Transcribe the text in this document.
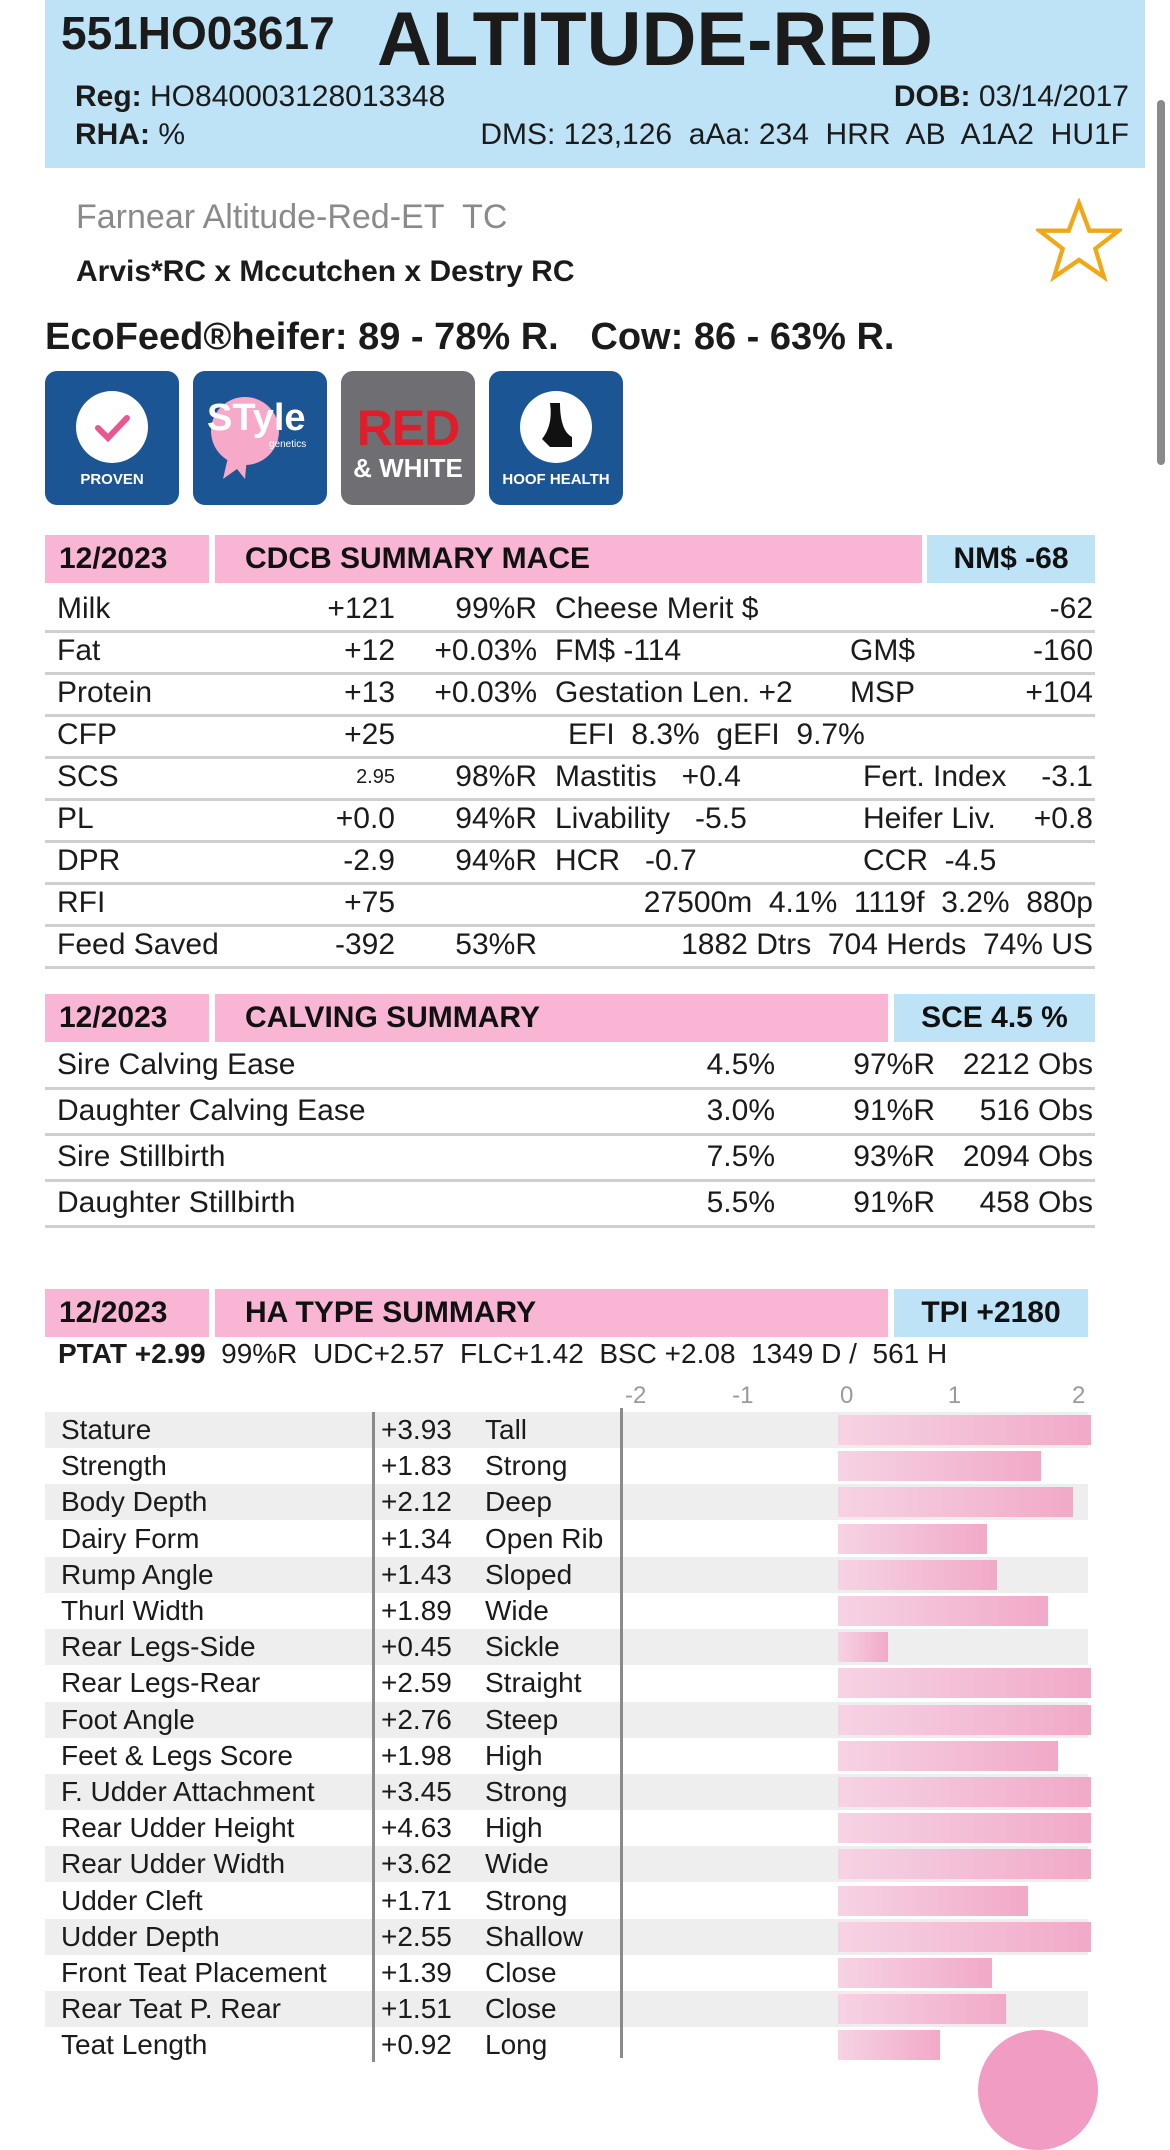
551HO03617 ALTITUDE-RED
Reg: HO840003128013348	DOB: 03/14/2017
RHA: %	DMS: 123,126  aAa: 234  HRR  AB  A1A2  HU1F
Farnear Altitude-Red-ET  TC
Arvis*RC x Mccutchen x Destry RC
EcoFeed®heifer: 89 - 78% R.   Cow: 86 - 63% R.
PROVEN
STyle
genetics	RED
& WHITE	HOOF HEALTH
12/2023	CDCB SUMMARY MACE	NM$ -68
Milk	+121	99%R Cheese Merit $	-62
Fat	+12	+0.03% FM$ -114	GM$	-160
Protein	+13	+0.03% Gestation Len. +2	MSP	+104
CFP	+25	EFI  8.3%  gEFI  9.7%
SCS	2.95	98%R Mastitis   +0.4	Fert. Index	-3.1
PL	+0.0	94%R Livability   -5.5	Heifer Liv.	+0.8
DPR	-2.9	94%R HCR   -0.7	CCR  -4.5
RFI	+75	27500m  4.1%  1119f  3.2%  880p
Feed Saved	-392	53%R	1882 Dtrs  704 Herds  74% US
12/2023	CALVING SUMMARY	SCE 4.5 %
Sire Calving Ease	4.5%	97%R 2212 Obs
Daughter Calving Ease	3.0%	91%R	516 Obs
Sire Stillbirth	7.5%	93%R 2094 Obs
Daughter Stillbirth	5.5%	91%R	458 Obs
12/2023	HA TYPE SUMMARY	TPI +2180
PTAT +2.99 99%R  UDC+2.57  FLC+1.42  BSC +2.08  1349 D /  561 H
-2	-1	0	1	2
Stature	+3.93 Tall
Strength	+1.83 Strong
Body Depth	+2.12 Deep
Dairy Form	+1.34 Open Rib
Rump Angle	+1.43 Sloped
Thurl Width	+1.89 Wide
Rear Legs-Side	+0.45 Sickle
Rear Legs-Rear	+2.59 Straight
Foot Angle	+2.76 Steep
Feet & Legs Score	+1.98 High
F. Udder Attachment +3.45 Strong
Rear Udder Height	+4.63 High
Rear Udder Width	+3.62 Wide
Udder Cleft	+1.71 Strong
Udder Depth	+2.55 Shallow
Front Teat Placement +1.39 Close
Rear Teat P. Rear	+1.51 Close
Teat Length	+0.92 Long
